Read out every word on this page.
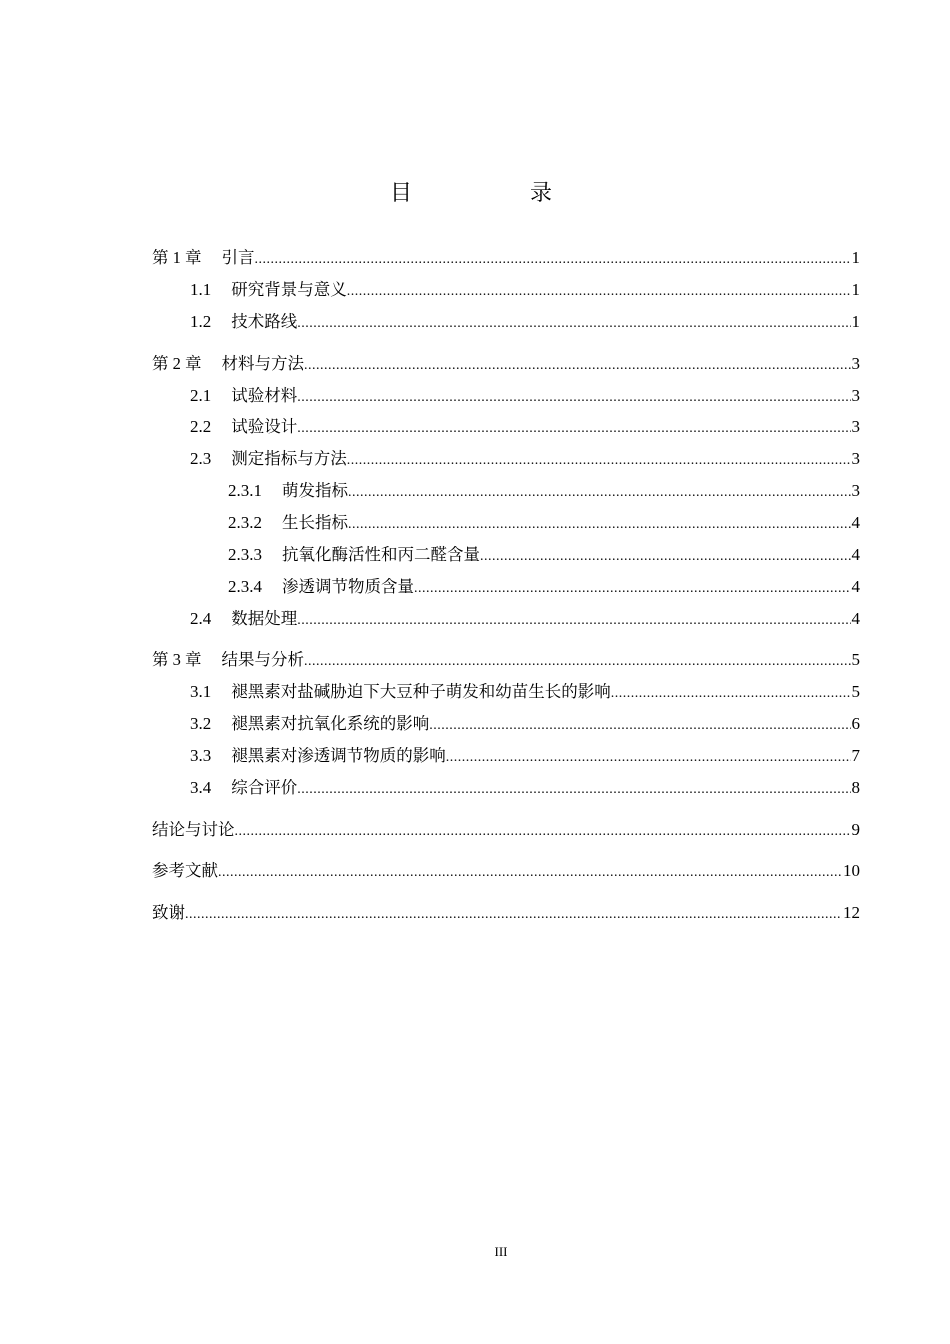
目　录
第 1 章 引言 .....	1
1.1 研究背景与意义 .....	1
1.2 技术路线 .....	1
第 2 章 材料与方法 .....	3
2.1 试验材料 .....	3
2.2 试验设计 .....	3
2.3 测定指标与方法 .....	3
2.3.1 萌发指标 .....	3
2.3.2 生长指标 .....	4
2.3.3 抗氧化酶活性和丙二醛含量 .....	4
2.3.4 渗透调节物质含量 .....	4
2.4 数据处理 .....	4
第 3 章 结果与分析 .....	5
3.1 褪黑素对盐碱胁迫下大豆种子萌发和幼苗生长的影响 .....	5
3.2 褪黑素对抗氧化系统的影响 .....	6
3.3 褪黑素对渗透调节物质的影响 .....	7
3.4 综合评价 .....	8
结论与讨论 .....	9
参考文献 .....	10
致谢 .....	12
III
